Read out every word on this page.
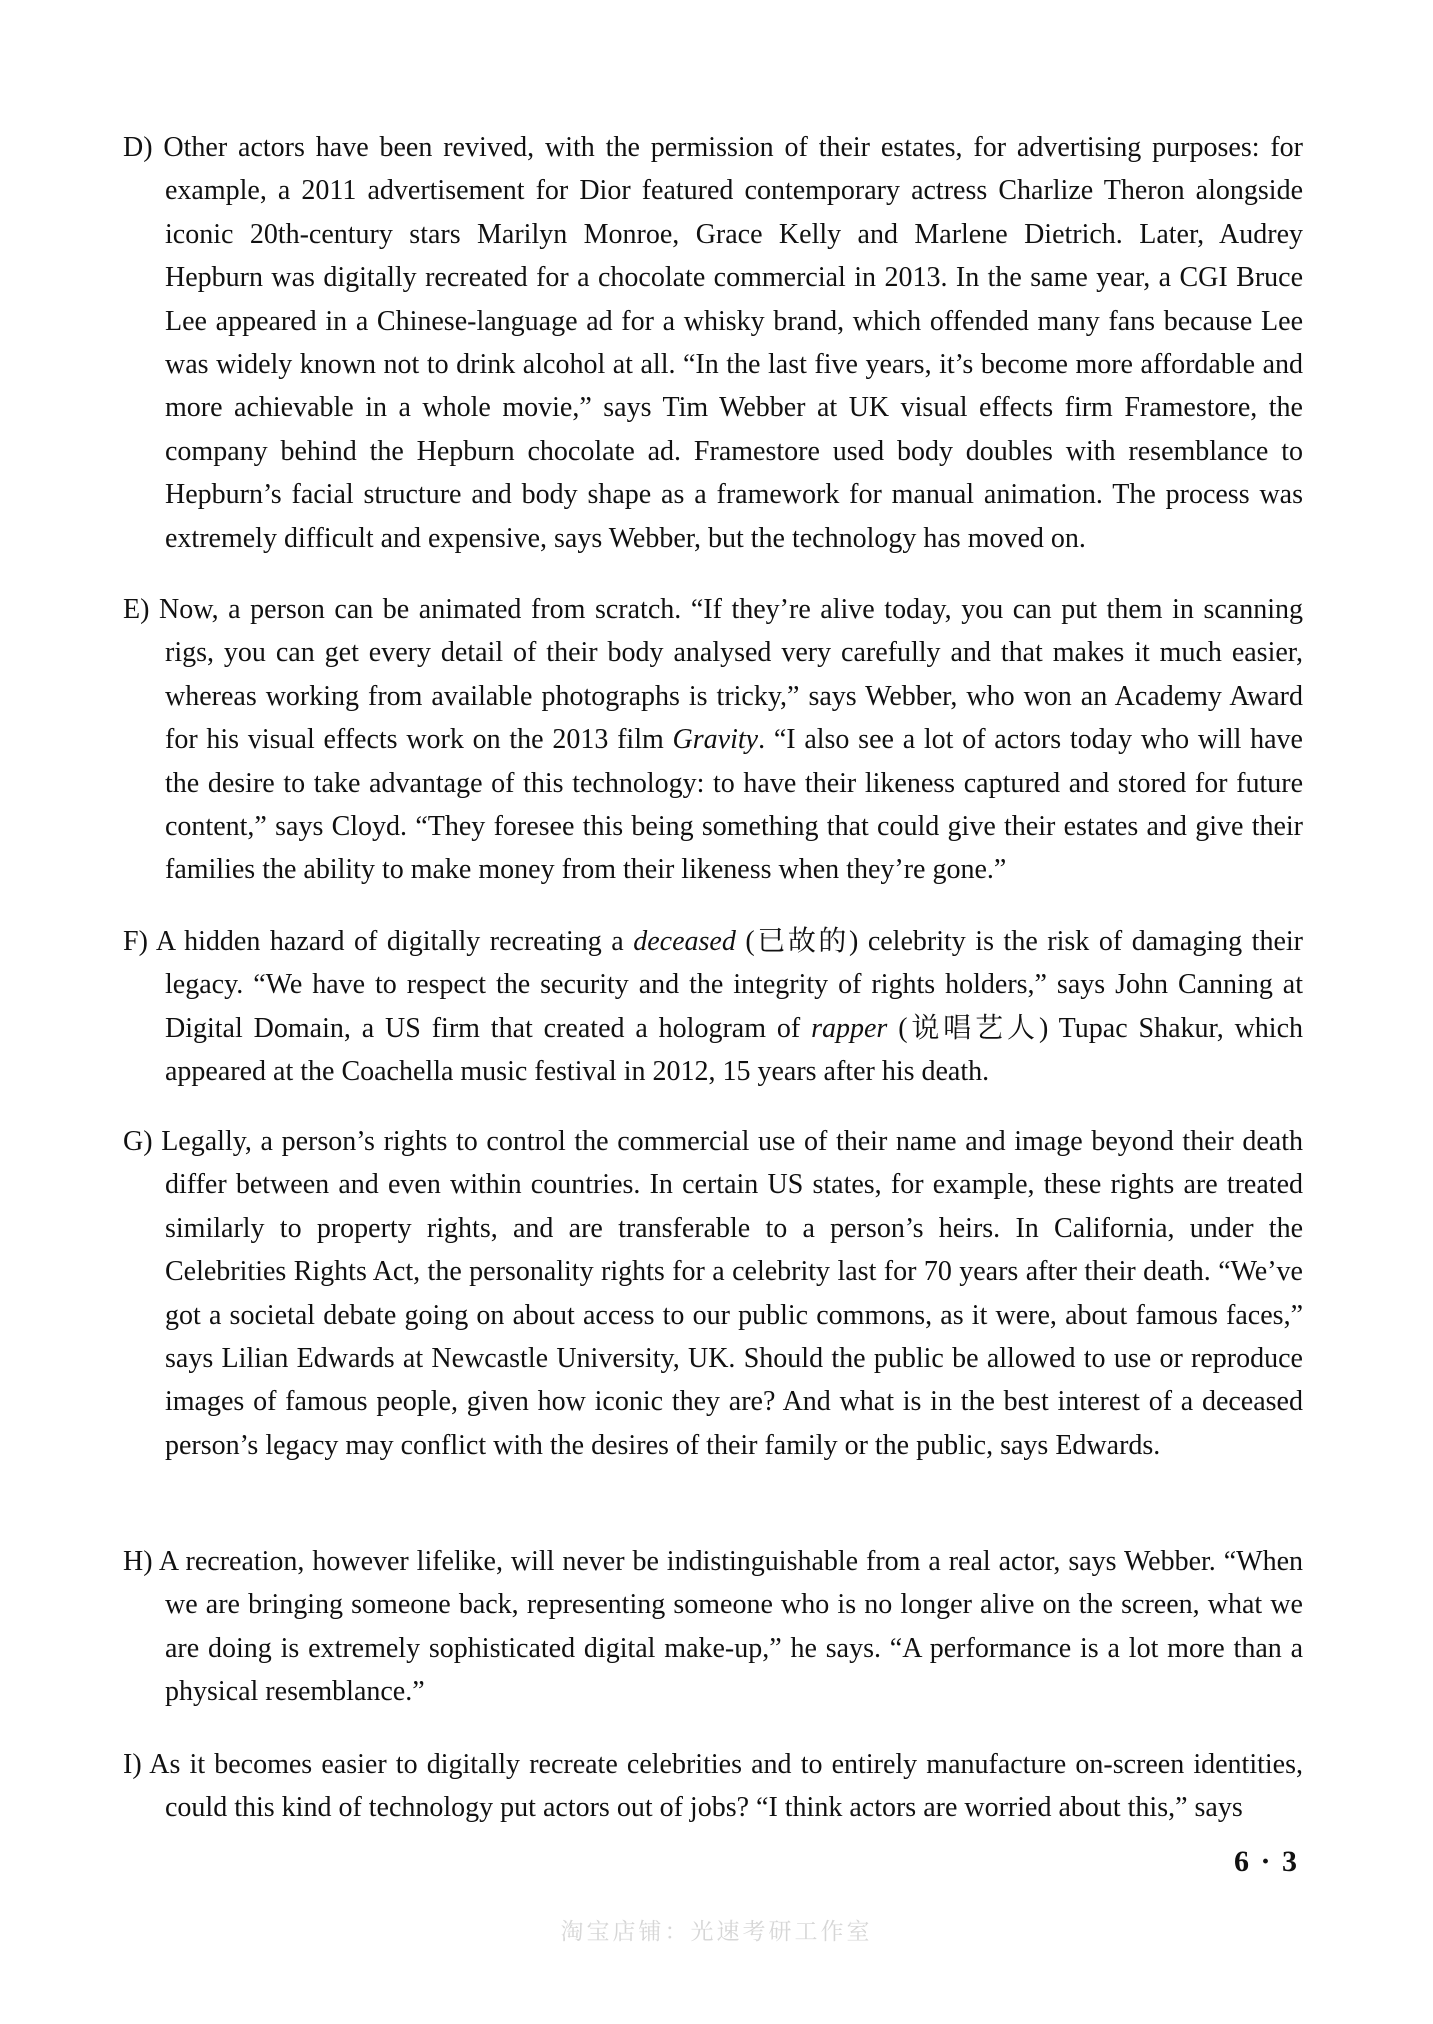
D) Other actors have been revived, with the permission of their estates, for advertising purposes: for example, a 2011 advertisement for Dior featured contemporary actress Charlize Theron alongside iconic 20th-century stars Marilyn Monroe, Grace Kelly and Marlene Dietrich. Later, Audrey Hepburn was digitally recreated for a chocolate commercial in 2013. In the same year, a CGI Bruce Lee appeared in a Chinese-language ad for a whisky brand, which offended many fans because Lee was widely known not to drink alcohol at all. “In the last five years, it’s become more affordable and more achievable in a whole movie,” says Tim Webber at UK visual effects firm Framestore, the company behind the Hepburn chocolate ad. Framestore used body doubles with resemblance to Hepburn’s facial structure and body shape as a framework for manual animation. The process was extremely difficult and expensive, says Webber, but the technology has moved on.

E) Now, a person can be animated from scratch. “If they’re alive today, you can put them in scanning rigs, you can get every detail of their body analysed very carefully and that makes it much easier, whereas working from available photographs is tricky,” says Webber, who won an Academy Award for his visual effects work on the 2013 film Gravity. “I also see a lot of actors today who will have the desire to take advantage of this technology: to have their likeness captured and stored for future content,” says Cloyd. “They foresee this being something that could give their estates and give their families the ability to make money from their likeness when they’re gone.”

F) A hidden hazard of digitally recreating a deceased (已故的) celebrity is the risk of damaging their legacy. “We have to respect the security and the integrity of rights holders,” says John Canning at Digital Domain, a US firm that created a hologram of rapper (说唱艺人) Tupac Shakur, which appeared at the Coachella music festival in 2012, 15 years after his death.

G) Legally, a person’s rights to control the commercial use of their name and image beyond their death differ between and even within countries. In certain US states, for example, these rights are treated similarly to property rights, and are transferable to a person’s heirs. In California, under the Celebrities Rights Act, the personality rights for a celebrity last for 70 years after their death. “We’ve got a societal debate going on about access to our public commons, as it were, about famous faces,” says Lilian Edwards at Newcastle University, UK. Should the public be allowed to use or reproduce images of famous people, given how iconic they are? And what is in the best interest of a deceased person’s legacy may conflict with the desires of their family or the public, says Edwards.

H) A recreation, however lifelike, will never be indistinguishable from a real actor, says Webber. “When we are bringing someone back, representing someone who is no longer alive on the screen, what we are doing is extremely sophisticated digital make-up,” he says. “A performance is a lot more than a physical resemblance.”

I) As it becomes easier to digitally recreate celebrities and to entirely manufacture on-screen identities, could this kind of technology put actors out of jobs? “I think actors are worried about this,” says

6 · 3
淘宝店铺：光速考研工作室
